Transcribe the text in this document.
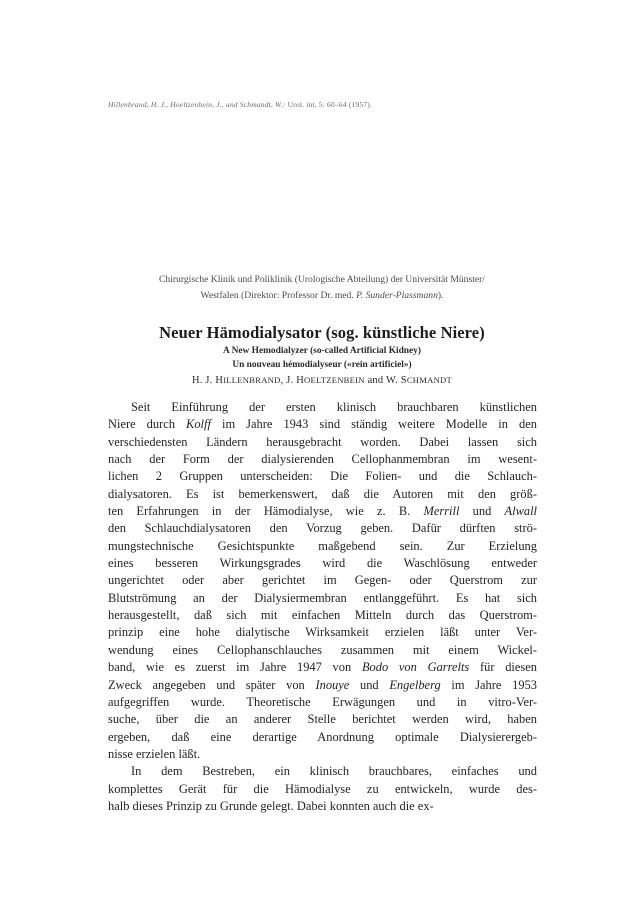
Hillenbrand, H. J., Hoeltzenbein, J., und Schmandt, W.: Urol. int. 5: 60–64 (1957).
Chirurgische Klinik und Poliklinik (Urologische Abteilung) der Universität Münster/
Westfalen (Direktor: Professor Dr. med. P. Sunder-Plassmann).
Neuer Hämodialysator (sog. künstliche Niere)
A New Hemodialyzer (so-called Artificial Kidney)
Un nouveau hémodialyseur («rein artificiel»)
H. J. HILLENBRAND, J. HOELTZENBEIN and W. SCHMANDT

Seit Einführung der ersten klinisch brauchbaren künstlichen
Niere durch Kolff im Jahre 1943 sind ständig weitere Modelle in den
verschiedensten Ländern herausgebracht worden. Dabei lassen sich
nach der Form der dialysierenden Cellophanmembran im wesent-
lichen 2 Gruppen unterscheiden: Die Folien- und die Schlauch-
dialysatoren. Es ist bemerkenswert, daß die Autoren mit den größ-
ten Erfahrungen in der Hämodialyse, wie z. B. Merrill und Alwall
den Schlauchdialysatoren den Vorzug geben. Dafür dürften strö-
mungstechnische Gesichtspunkte maßgebend sein. Zur Erzielung
eines besseren Wirkungsgrades wird die Waschlösung entweder
ungerichtet oder aber gerichtet im Gegen- oder Querstrom zur
Blutströmung an der Dialysiermembran entlanggeführt. Es hat sich
herausgestellt, daß sich mit einfachen Mitteln durch das Querstrom-
prinzip eine hohe dialytische Wirksamkeit erzielen läßt unter Ver-
wendung eines Cellophanschlauches zusammen mit einem Wickel-
band, wie es zuerst im Jahre 1947 von Bodo von Garrelts für diesen
Zweck angegeben und später von Inouye und Engelberg im Jahre 1953
aufgegriffen wurde. Theoretische Erwägungen und in vitro-Ver-
suche, über die an anderer Stelle berichtet werden wird, haben
ergeben, daß eine derartige Anordnung optimale Dialysierergeb-
nisse erzielen läßt.

In dem Bestreben, ein klinisch brauchbares, einfaches und
komplettes Gerät für die Hämodialyse zu entwickeln, wurde des-
halb dieses Prinzip zu Grunde gelegt. Dabei konnten auch die ex-
